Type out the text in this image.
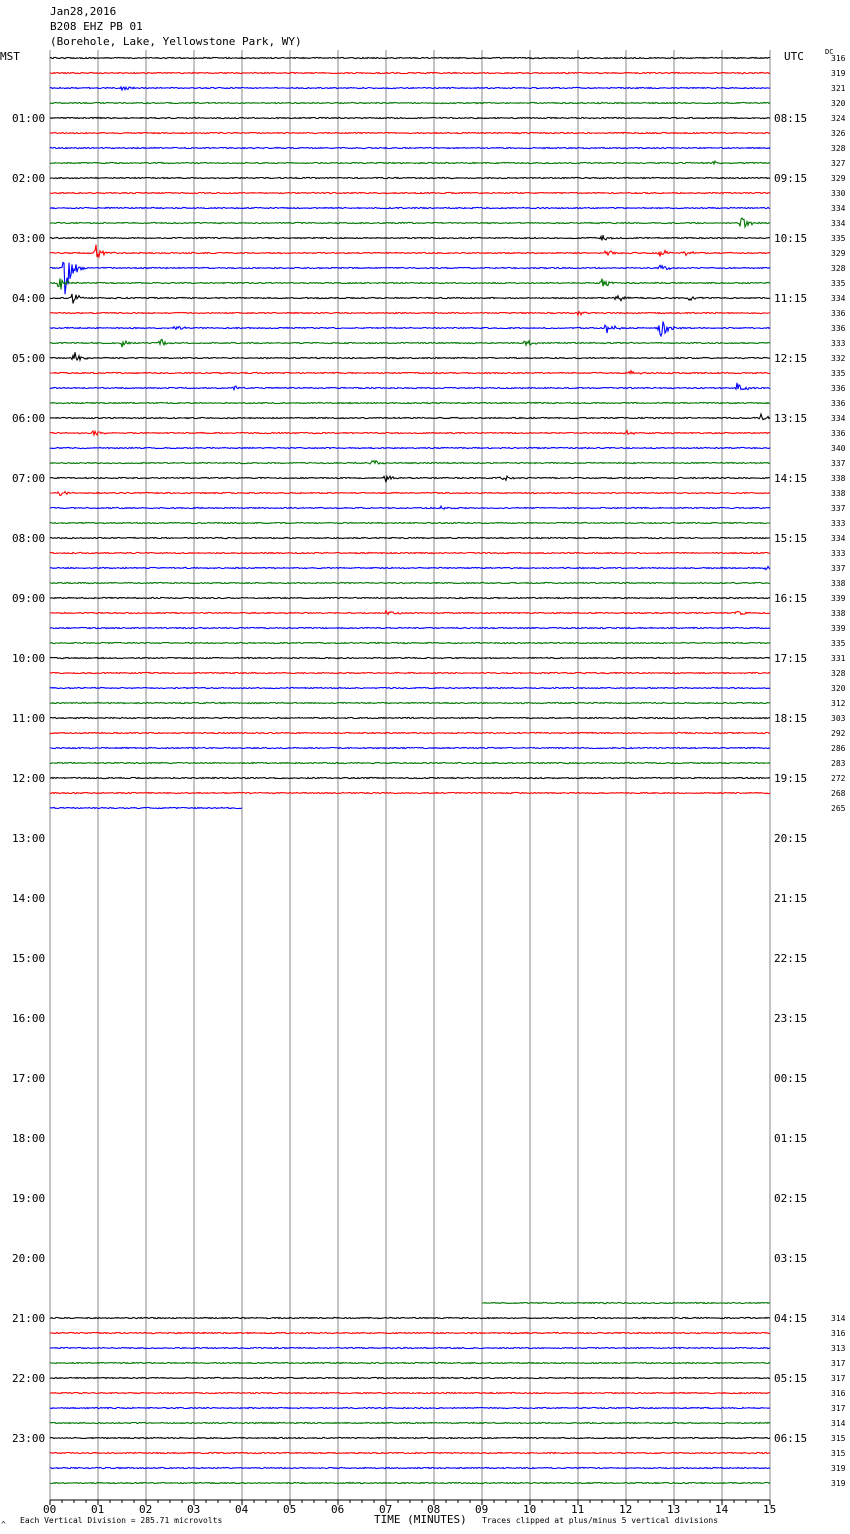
Jan28,2016
B208 EHZ PB 01
(Borehole, Lake, Yellowstone Park, WY)
MST	UTC	DC
01:00
02:00
03:00
04:00
05:00
06:00
07:00
08:00
09:00
10:00
11:00
12:00
13:00
14:00
15:00
16:00
17:00
18:00
19:00
20:00
21:00
22:00
23:00
08:15
09:15
10:15
11:15
12:15
13:15
14:15
15:15
16:15
17:15
18:15
19:15
20:15
21:15
22:15
23:15
00:15
01:15
02:15
03:15
04:15
05:15
06:15
316
319
321
320
324
326
328
327
329
330
334
334
335
329
328
335
334
336
336
333
332
335
336
336
334
336
340
337
338
338
337
333
334
333
337
338
339
338
339
335
331
328
320
312
303
292
286
283
272
268
265
314
316
313
317
317
316
317
314
315
315
319
319
00	01	02	03	04	05	06	07	08	09	10	11	12	13	14	15
TIME (MINUTES)
Each Vertical Division = 285.71 microvolts	Traces clipped at plus/minus 5 vertical divisions
^
